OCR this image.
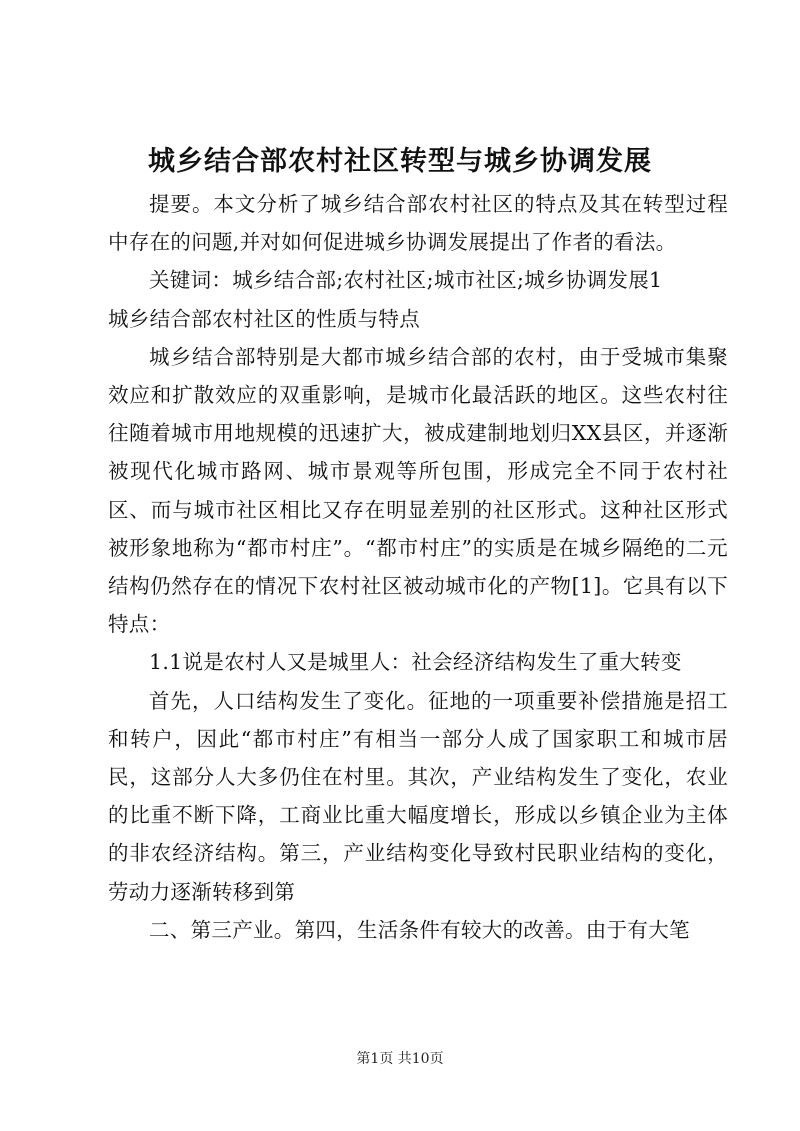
城乡结合部农村社区转型与城乡协调发展

提要。本文分析了城乡结合部农村社区的特点及其在转型过程中存在的问题,并对如何促进城乡协调发展提出了作者的看法。

关键词：城乡结合部;农村社区;城市社区;城乡协调发展1

城乡结合部农村社区的性质与特点

城乡结合部特别是大都市城乡结合部的农村，由于受城市集聚效应和扩散效应的双重影响，是城市化最活跃的地区。这些农村往往随着城市用地规模的迅速扩大，被成建制地划归XX县区，并逐渐被现代化城市路网、城市景观等所包围，形成完全不同于农村社区、而与城市社区相比又存在明显差别的社区形式。这种社区形式被形象地称为“都市村庄”。“都市村庄”的实质是在城乡隔绝的二元结构仍然存在的情况下农村社区被动城市化的产物[1]。它具有以下特点：

1.1说是农村人又是城里人：社会经济结构发生了重大转变

首先，人口结构发生了变化。征地的一项重要补偿措施是招工和转户，因此“都市村庄”有相当一部分人成了国家职工和城市居民，这部分人大多仍住在村里。其次，产业结构发生了变化，农业的比重不断下降，工商业比重大幅度增长，形成以乡镇企业为主体的非农经济结构。第三，产业结构变化导致村民职业结构的变化，劳动力逐渐转移到第

二、第三产业。第四，生活条件有较大的改善。由于有大笔

第1页 共10页
